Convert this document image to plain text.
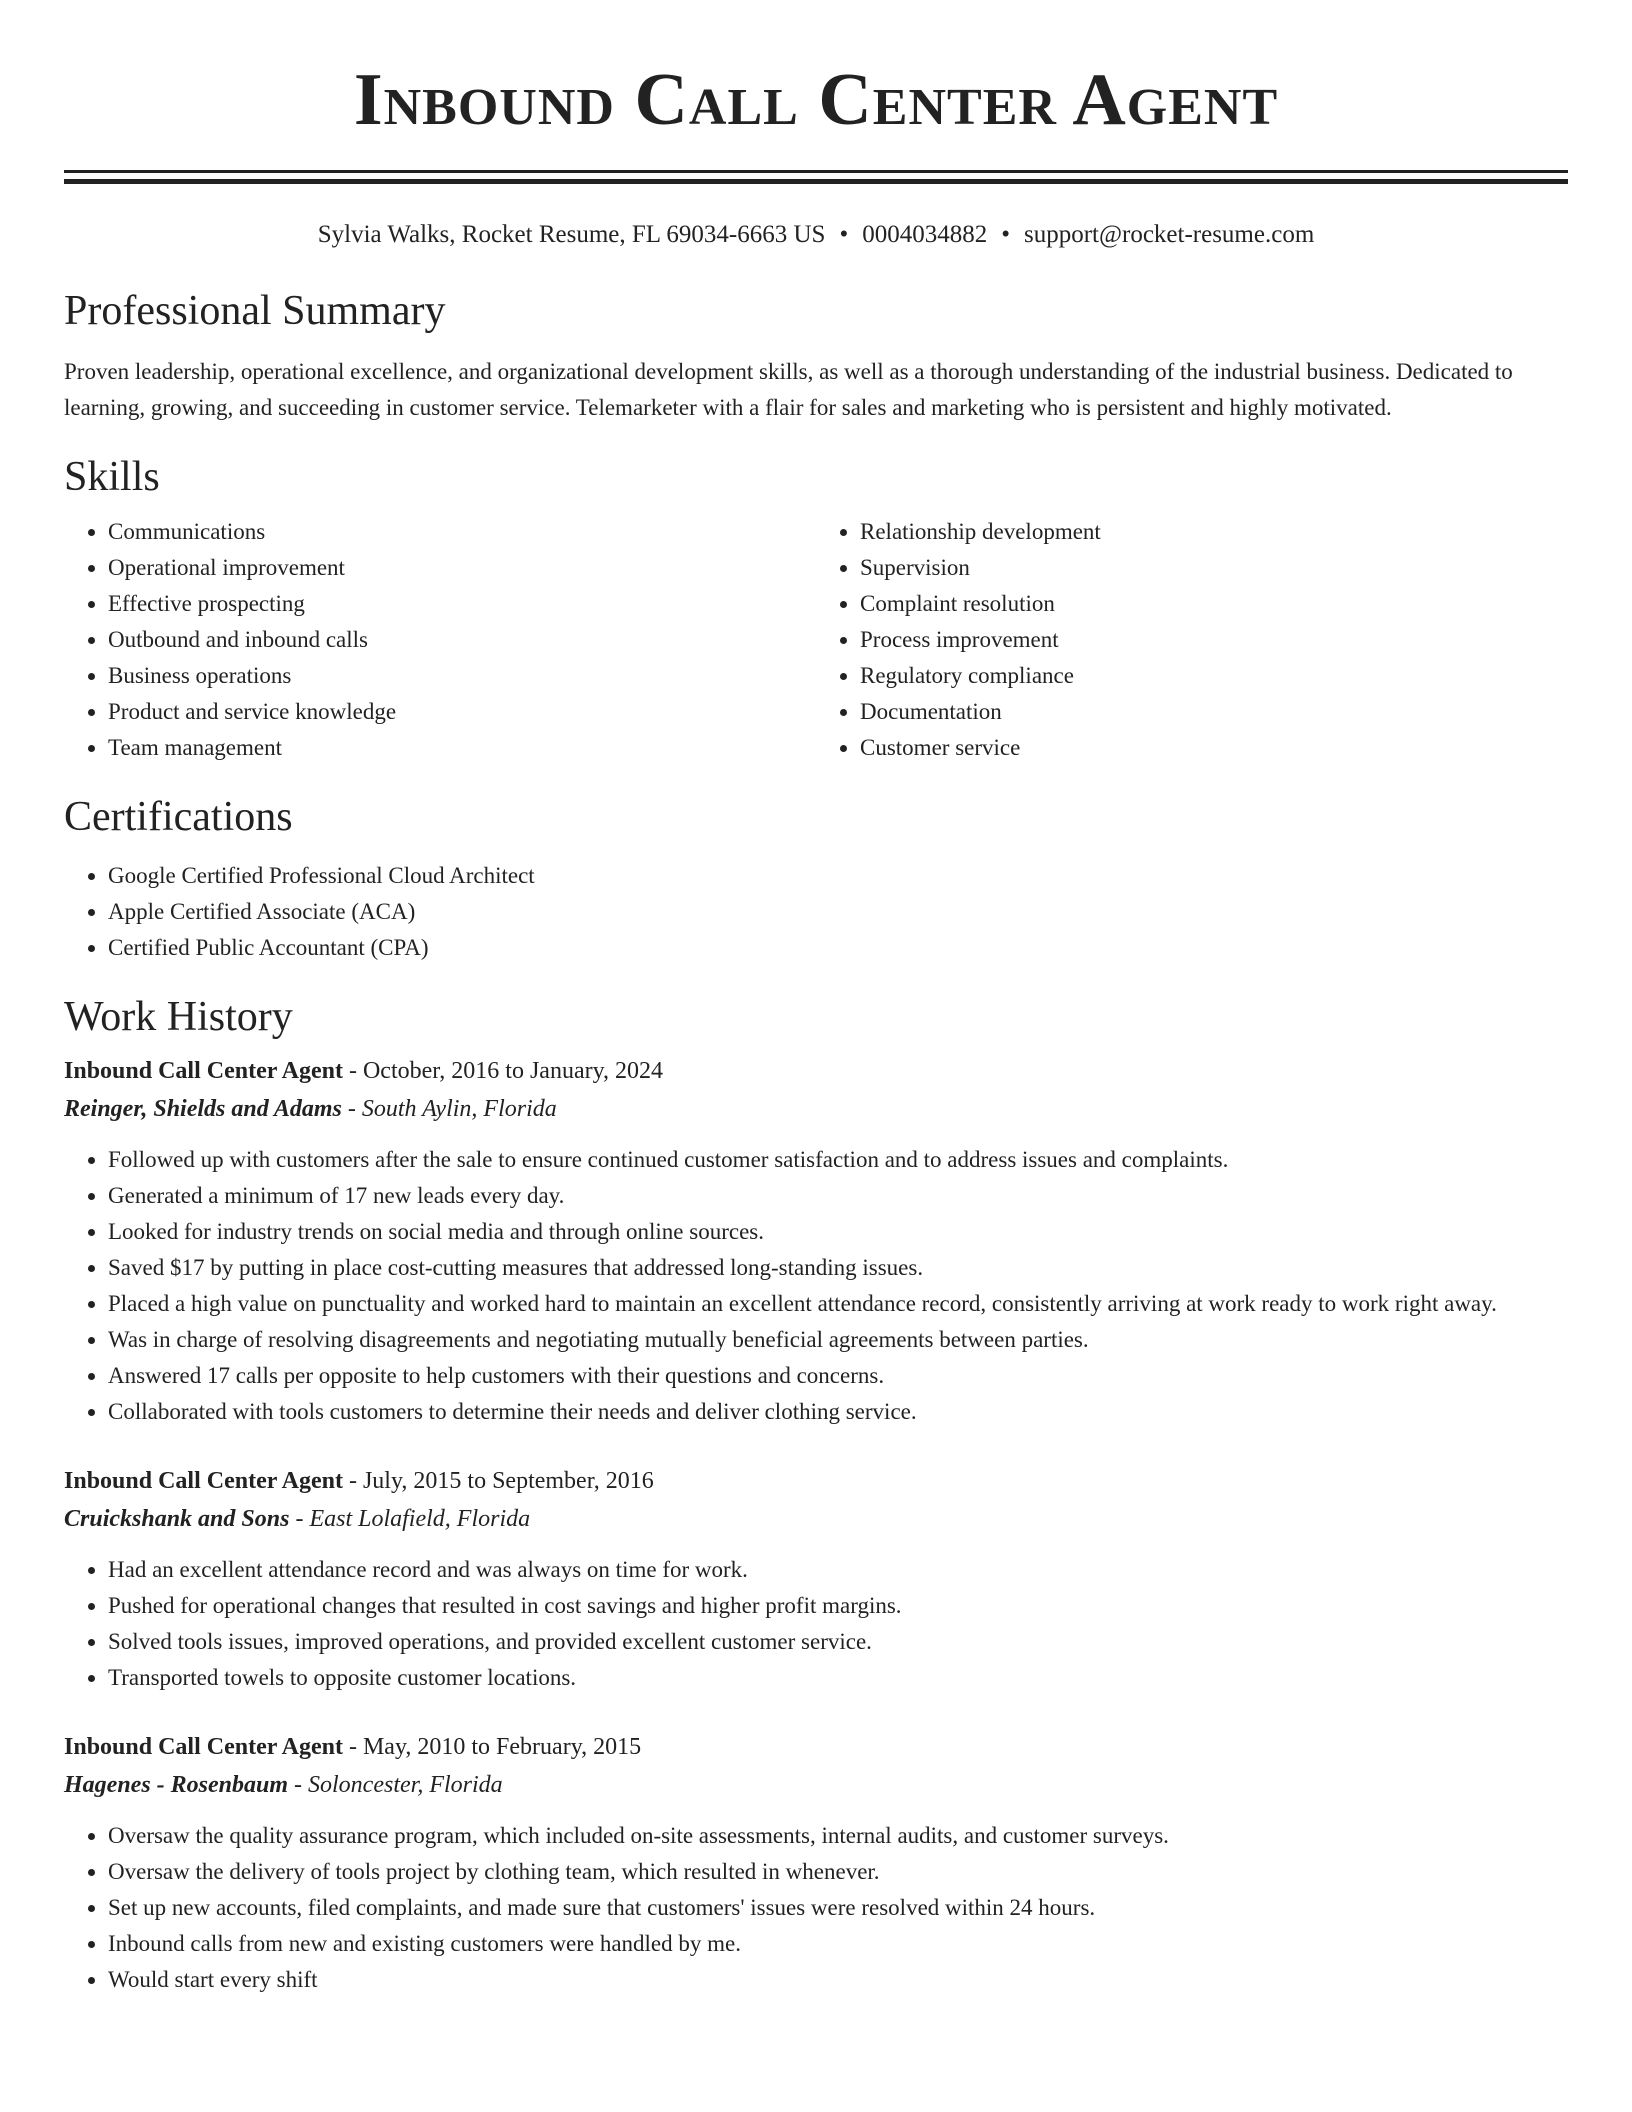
Inbound Call Center Agent
Sylvia Walks, Rocket Resume, FL 69034-6663 US • 0004034882 • support@rocket-resume.com
Professional Summary
Proven leadership, operational excellence, and organizational development skills, as well as a thorough understanding of the industrial business. Dedicated to learning, growing, and succeeding in customer service. Telemarketer with a flair for sales and marketing who is persistent and highly motivated.
Skills
• Communications
• Operational improvement
• Effective prospecting
• Outbound and inbound calls
• Business operations
• Product and service knowledge
• Team management
• Relationship development
• Supervision
• Complaint resolution
• Process improvement
• Regulatory compliance
• Documentation
• Customer service
Certifications
• Google Certified Professional Cloud Architect
• Apple Certified Associate (ACA)
• Certified Public Accountant (CPA)
Work History
Inbound Call Center Agent - October, 2016 to January, 2024
Reinger, Shields and Adams - South Aylin, Florida
• Followed up with customers after the sale to ensure continued customer satisfaction and to address issues and complaints.
• Generated a minimum of 17 new leads every day.
• Looked for industry trends on social media and through online sources.
• Saved $17 by putting in place cost-cutting measures that addressed long-standing issues.
• Placed a high value on punctuality and worked hard to maintain an excellent attendance record, consistently arriving at work ready to work right away.
• Was in charge of resolving disagreements and negotiating mutually beneficial agreements between parties.
• Answered 17 calls per opposite to help customers with their questions and concerns.
• Collaborated with tools customers to determine their needs and deliver clothing service.
Inbound Call Center Agent - July, 2015 to September, 2016
Cruickshank and Sons - East Lolafield, Florida
• Had an excellent attendance record and was always on time for work.
• Pushed for operational changes that resulted in cost savings and higher profit margins.
• Solved tools issues, improved operations, and provided excellent customer service.
• Transported towels to opposite customer locations.
Inbound Call Center Agent - May, 2010 to February, 2015
Hagenes - Rosenbaum - Soloncester, Florida
• Oversaw the quality assurance program, which included on-site assessments, internal audits, and customer surveys.
• Oversaw the delivery of tools project by clothing team, which resulted in whenever.
• Set up new accounts, filed complaints, and made sure that customers' issues were resolved within 24 hours.
• Inbound calls from new and existing customers were handled by me.
• Would start every shift
